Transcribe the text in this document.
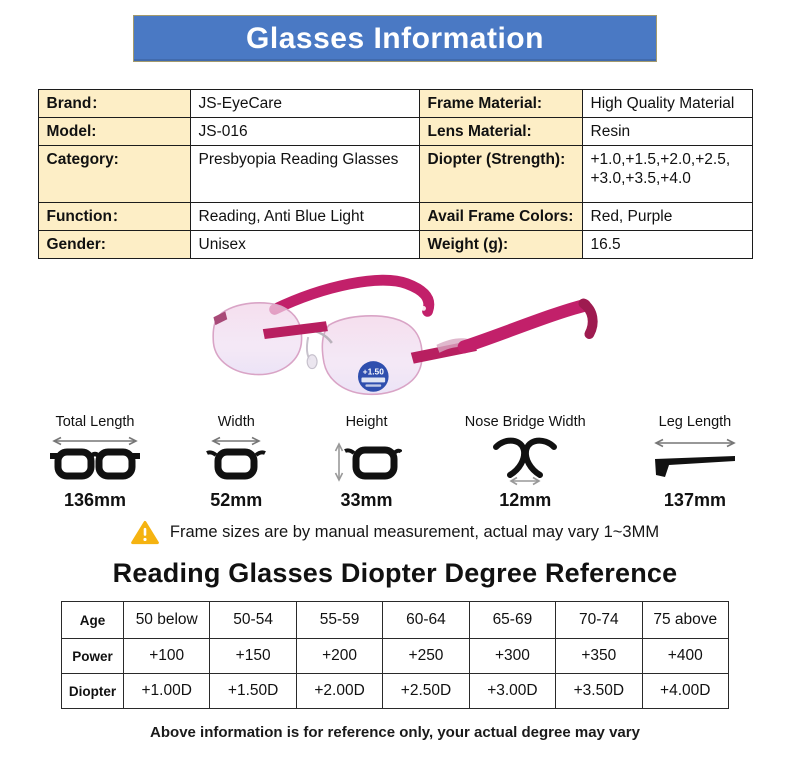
Glasses Information
Brand：	JS-EyeCare	Frame Material:	High Quality Material
Model:	JS-016	Lens Material:	Resin
Category:	Presbyopia Reading Glasses	Diopter (Strength):	+1.0,+1.5,+2.0,+2.5, +3.0,+3.5,+4.0
Function：	Reading, Anti Blue Light	Avail Frame Colors:	Red, Purple
Gender:	Unisex	Weight (g):	16.5
+1.50
Total Length
136mm
Width
52mm
Height
33mm
Nose Bridge Width
12mm
Leg Length
137mm
Frame sizes are by manual measurement, actual may vary 1~3MM
Reading Glasses Diopter Degree Reference
Age	50 below	50-54	55-59	60-64	65-69	70-74	75 above
Power	+100	+150	+200	+250	+300	+350	+400
Diopter	+1.00D	+1.50D	+2.00D	+2.50D	+3.00D	+3.50D	+4.00D
Above information is for reference only, your actual degree may vary
